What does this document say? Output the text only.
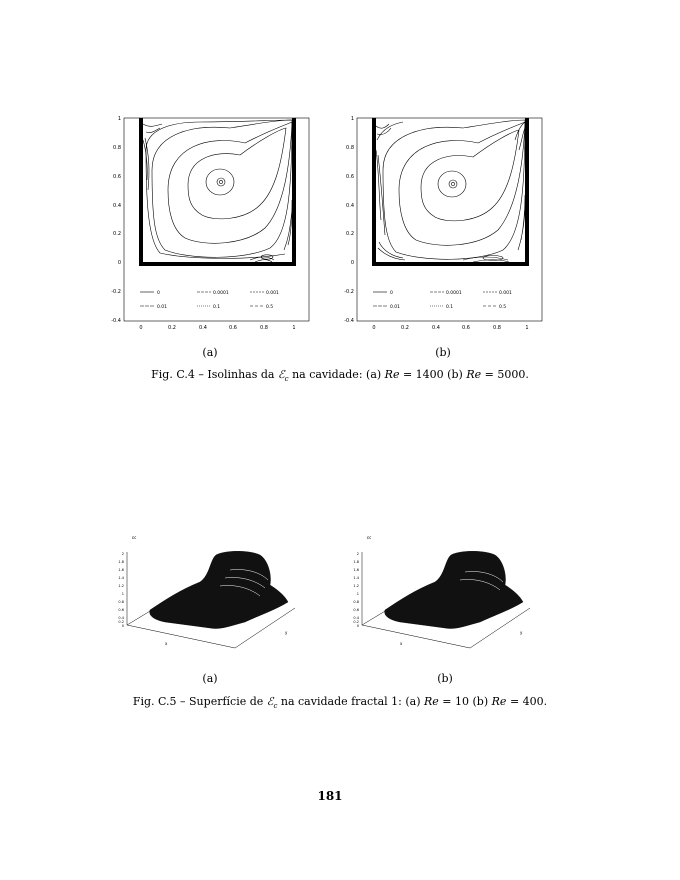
1
0.8
0.6
0.4
0.2
0
-0.2
-0.4
0	0.2	0.4	0.6	0.8	1
0	0.0001	0.001
0.01	0.1	0.5
1
0.8
0.6
0.4
0.2
0
-0.2
-0.4
0	0.2	0.4	0.6	0.8	1
0	0.0001	0.001
0.01	0.1	0.5
(a)	(b)
Fig. C.4 – Isolinhas da ℰ$_c$ na cavidade: (a) Re = 1400 (b) Re = 5000.
εc
2
1.8
1.6
1.4
1.2
1
0.8
0.6
0.4
0.2
0
x
y
εc
2
1.8
1.6
1.4
1.2
1
0.8
0.6
0.4
0.2
0
x
y
(a)	(b)
Fig. C.5 – Superfície de ℰ$_c$ na cavidade fractal 1: (a) Re = 10 (b) Re = 400.
181
